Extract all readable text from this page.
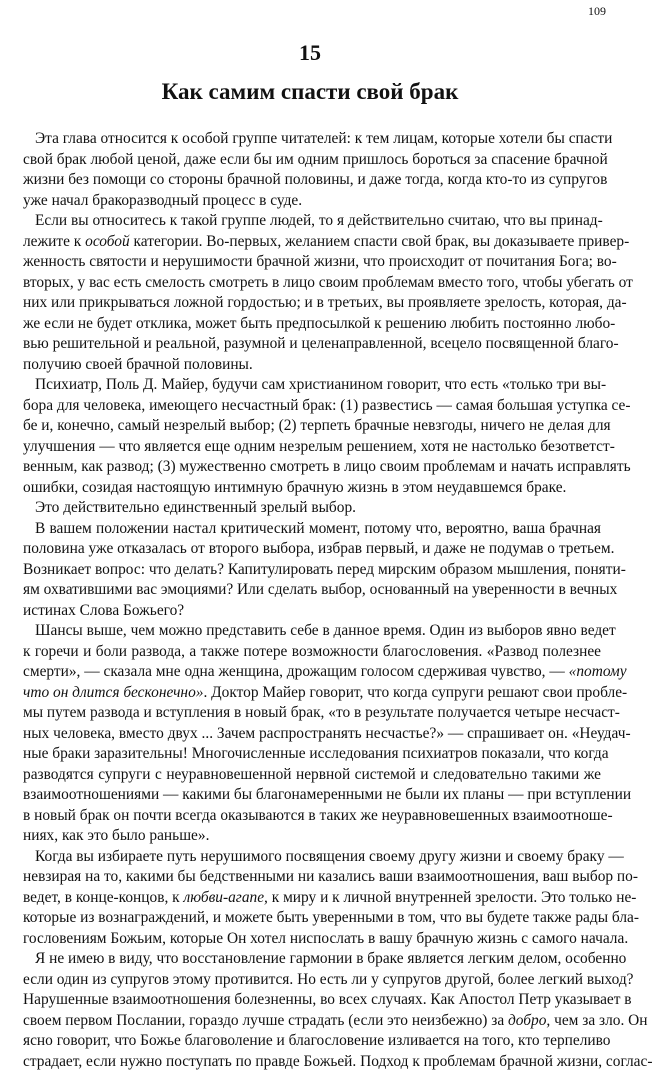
109
15
Как самим спасти свой брак
Эта глава относится к особой группе читателей: к тем лицам, которые хотели бы спасти
свой брак любой ценой, даже если бы им одним пришлось бороться за спасение брачной
жизни без помощи со стороны брачной половины, и даже тогда, когда кто-то из супругов
уже начал бракоразводный процесс в суде.
Если вы относитесь к такой группе людей, то я действительно считаю, что вы принад-
лежите к особой категории. Во-первых, желанием спасти свой брак, вы доказываете привер-
женность святости и нерушимости брачной жизни, что происходит от почитания Бога; во-
вторых, у вас есть смелость смотреть в лицо своим проблемам вместо того, чтобы убегать от
них или прикрываться ложной гордостью; и в третьих, вы проявляете зрелость, которая, да-
же если не будет отклика, может быть предпосылкой к решению любить постоянно любо-
вью решительной и реальной, разумной и целенаправленной, всецело посвященной благо-
получию своей брачной половины.
Психиатр, Поль Д. Майер, будучи сам христианином говорит, что есть «только три вы-
бора для человека, имеющего несчастный брак: (1) развестись — самая большая уступка се-
бе и, конечно, самый незрелый выбор; (2) терпеть брачные невзгоды, ничего не делая для
улучшения — что является еще одним незрелым решением, хотя не настолько безответст-
венным, как развод; (3) мужественно смотреть в лицо своим проблемам и начать исправлять
ошибки, созидая настоящую интимную брачную жизнь в этом неудавшемся браке.
Это действительно единственный зрелый выбор.
В вашем положении настал критический момент, потому что, вероятно, ваша брачная
половина уже отказалась от второго выбора, избрав первый, и даже не подумав о третьем.
Возникает вопрос: что делать? Капитулировать перед мирским образом мышления, поняти-
ям охватившими вас эмоциями? Или сделать выбор, основанный на уверенности в вечных
истинах Слова Божьего?
Шансы выше, чем можно представить себе в данное время. Один из выборов явно ведет
к горечи и боли развода, а также потере возможности благословения. «Развод полезнее
смерти», — сказала мне одна женщина, дрожащим голосом сдерживая чувство, — «потому
что он длится бесконечно». Доктор Майер говорит, что когда супруги решают свои пробле-
мы путем развода и вступления в новый брак, «то в результате получается четыре несчаст-
ных человека, вместо двух ... Зачем распространять несчастье?» — спрашивает он. «Неудач-
ные браки заразительны! Многочисленные исследования психиатров показали, что когда
разводятся супруги с неуравновешенной нервной системой и следовательно такими же
взаимоотношениями — какими бы благонамеренными не были их планы — при вступлении
в новый брак он почти всегда оказываются в таких же неуравновешенных взаимоотноше-
ниях, как это было раньше».
Когда вы избираете путь нерушимого посвящения своему другу жизни и своему браку —
невзирая на то, какими бы бедственными ни казались ваши взаимоотношения, ваш выбор по-
ведет, в конце-концов, к любви-агапе, к миру и к личной внутренней зрелости. Это только не-
которые из вознаграждений, и можете быть уверенными в том, что вы будете также рады бла-
гословениям Божьим, которые Он хотел ниспослать в вашу брачную жизнь с самого начала.
Я не имею в виду, что восстановление гармонии в браке является легким делом, особенно
если один из супругов этому противится. Но есть ли у супругов другой, более легкий выход?
Нарушенные взаимоотношения болезненны, во всех случаях. Как Апостол Петр указывает в
своем первом Послании, гораздо лучше страдать (если это неизбежно) за добро, чем за зло. Он
ясно говорит, что Божье благоволение и благословение изливается на того, кто терпеливо
страдает, если нужно поступать по правде Божьей. Подход к проблемам брачной жизни, соглас-
